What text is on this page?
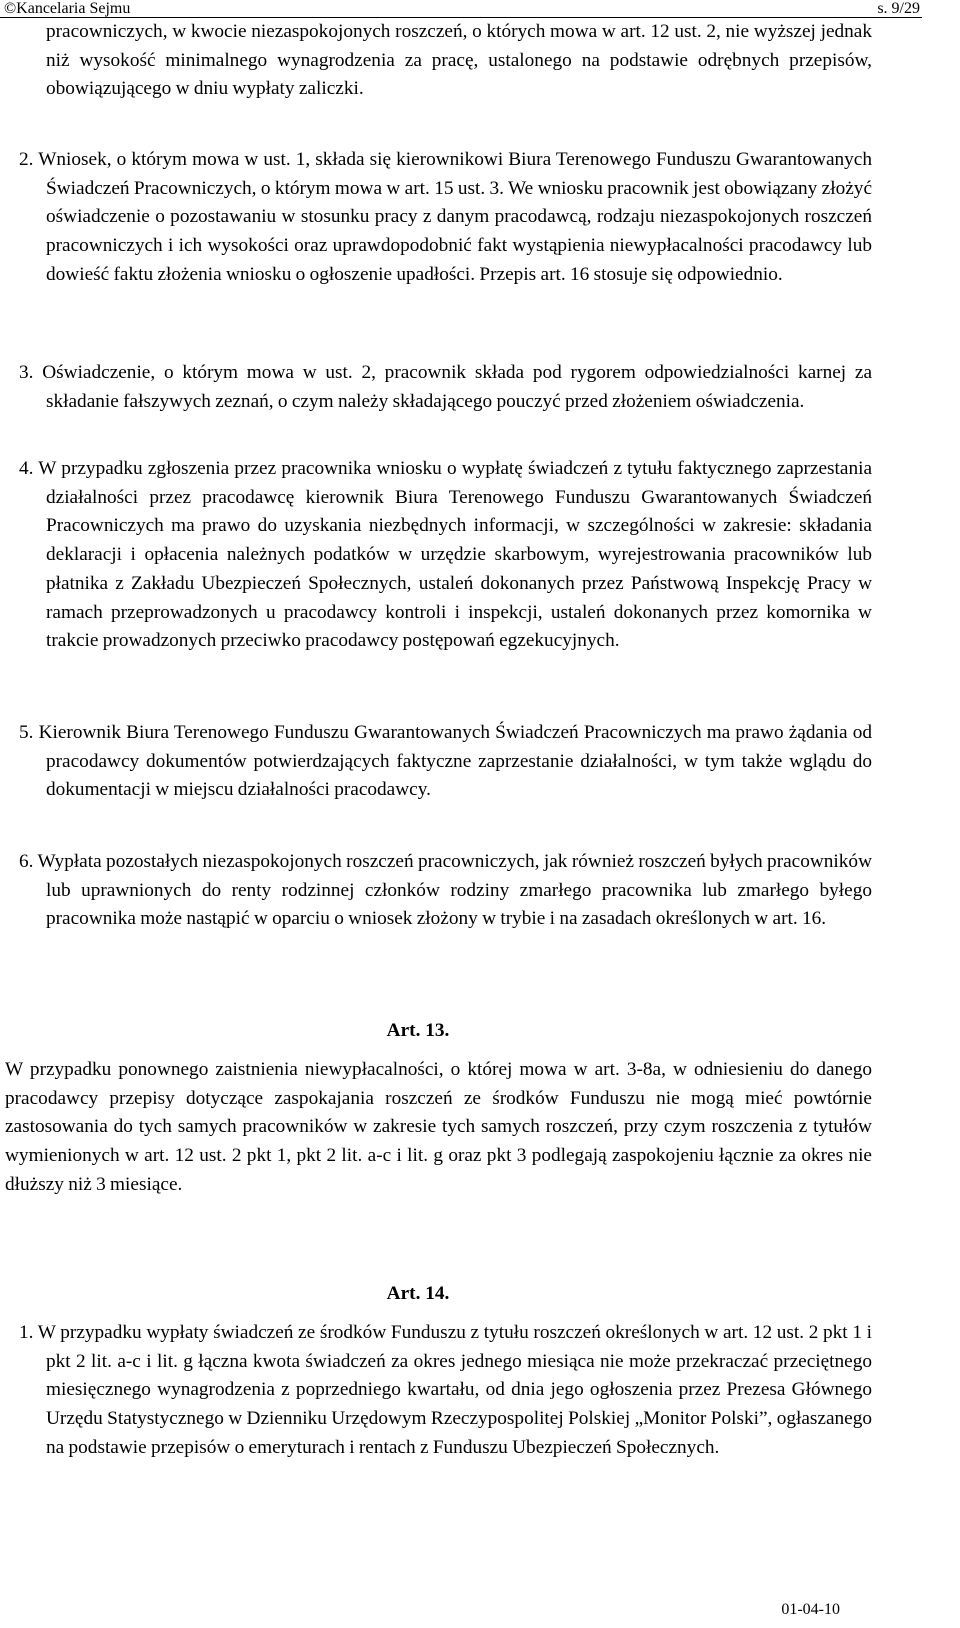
©Kancelaria Sejmu	s. 9/29
pracowniczych, w kwocie niezaspokojonych roszczeń, o których mowa w art. 12 ust. 2, nie wyższej jednak niż wysokość minimalnego wynagrodzenia za pracę, ustalonego na podstawie odrębnych przepisów, obowiązującego w dniu wypłaty zaliczki.
2. Wniosek, o którym mowa w ust. 1, składa się kierownikowi Biura Terenowego Funduszu Gwarantowanych Świadczeń Pracowniczych, o którym mowa w art. 15 ust. 3. We wniosku pracownik jest obowiązany złożyć oświadczenie o pozostawaniu w stosunku pracy z danym pracodawcą, rodzaju niezaspokojonych roszczeń pracowniczych i ich wysokości oraz uprawdopodobnić fakt wystąpienia niewypłacalności pracodawcy lub dowieść faktu złożenia wniosku o ogłoszenie upadłości. Przepis art. 16 stosuje się odpowiednio.
3. Oświadczenie, o którym mowa w ust. 2, pracownik składa pod rygorem odpowiedzialności karnej za składanie fałszywych zeznań, o czym należy składającego pouczyć przed złożeniem oświadczenia.
4. W przypadku zgłoszenia przez pracownika wniosku o wypłatę świadczeń z tytułu faktycznego zaprzestania działalności przez pracodawcę kierownik Biura Terenowego Funduszu Gwarantowanych Świadczeń Pracowniczych ma prawo do uzyskania niezbędnych informacji, w szczególności w zakresie: składania deklaracji i opłacenia należnych podatków w urzędzie skarbowym, wyrejestrowania pracowników lub płatnika z Zakładu Ubezpieczeń Społecznych, ustaleń dokonanych przez Państwową Inspekcję Pracy w ramach przeprowadzonych u pracodawcy kontroli i inspekcji, ustaleń dokonanych przez komornika w trakcie prowadzonych przeciwko pracodawcy postępowań egzekucyjnych.
5. Kierownik Biura Terenowego Funduszu Gwarantowanych Świadczeń Pracowniczych ma prawo żądania od pracodawcy dokumentów potwierdzających faktyczne zaprzestanie działalności, w tym także wglądu do dokumentacji w miejscu działalności pracodawcy.
6. Wypłata pozostałych niezaspokojonych roszczeń pracowniczych, jak również roszczeń byłych pracowników lub uprawnionych do renty rodzinnej członków rodziny zmarłego pracownika lub zmarłego byłego pracownika może nastąpić w oparciu o wniosek złożony w trybie i na zasadach określonych w art. 16.
Art. 13.
W przypadku ponownego zaistnienia niewypłacalności, o której mowa w art. 3-8a, w odniesieniu do danego pracodawcy przepisy dotyczące zaspokajania roszczeń ze środków Funduszu nie mogą mieć powtórnie zastosowania do tych samych pracowników w zakresie tych samych roszczeń, przy czym roszczenia z tytułów wymienionych w art. 12 ust. 2 pkt 1, pkt 2 lit. a-c i lit. g oraz pkt 3 podlegają zaspokojeniu łącznie za okres nie dłuższy niż 3 miesiące.
Art. 14.
1. W przypadku wypłaty świadczeń ze środków Funduszu z tytułu roszczeń określonych w art. 12 ust. 2 pkt 1 i pkt 2 lit. a-c i lit. g łączna kwota świadczeń za okres jednego miesiąca nie może przekraczać przeciętnego miesięcznego wynagrodzenia z poprzedniego kwartału, od dnia jego ogłoszenia przez Prezesa Głównego Urzędu Statystycznego w Dzienniku Urzędowym Rzeczypospolitej Polskiej „Monitor Polski”, ogłaszanego na podstawie przepisów o emeryturach i rentach z Funduszu Ubezpieczeń Społecznych.
01-04-10
